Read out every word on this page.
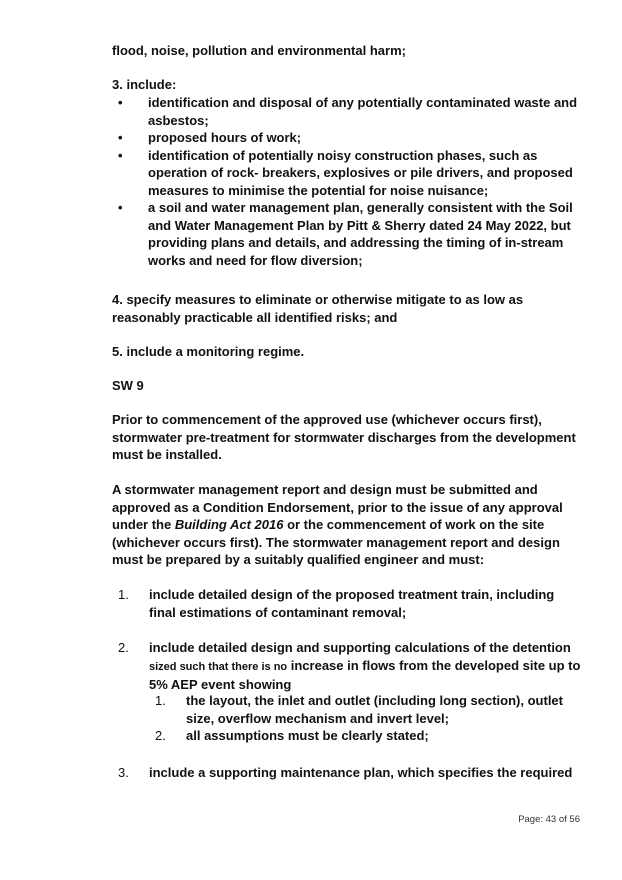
flood, noise, pollution and environmental harm;

3. include:

• identification and disposal of any potentially contaminated waste and asbestos;
• proposed hours of work;
• identification of potentially noisy construction phases, such as operation of rock- breakers, explosives or pile drivers, and proposed measures to minimise the potential for noise nuisance;
• a soil and water management plan, generally consistent with the Soil and Water Management Plan by Pitt & Sherry dated 24 May 2022, but providing plans and details, and addressing the timing of in-stream works and need for flow diversion;

4. specify measures to eliminate or otherwise mitigate to as low as reasonably practicable all identified risks; and

5. include a monitoring regime.

SW 9

Prior to commencement of the approved use (whichever occurs first), stormwater pre-treatment for stormwater discharges from the development must be installed.

A stormwater management report and design must be submitted and approved as a Condition Endorsement, prior to the issue of any approval under the Building Act 2016 or the commencement of work on the site (whichever occurs first). The stormwater management report and design must be prepared by a suitably qualified engineer and must:

1. include detailed design of the proposed treatment train, including final estimations of contaminant removal;
2. include detailed design and supporting calculations of the detention sized such that there is no increase in flows from the developed site up to 5% AEP event showing
1. the layout, the inlet and outlet (including long section), outlet size, overflow mechanism and invert level;
2. all assumptions must be clearly stated;
3. include a supporting maintenance plan, which specifies the required
Page: 43 of 56
